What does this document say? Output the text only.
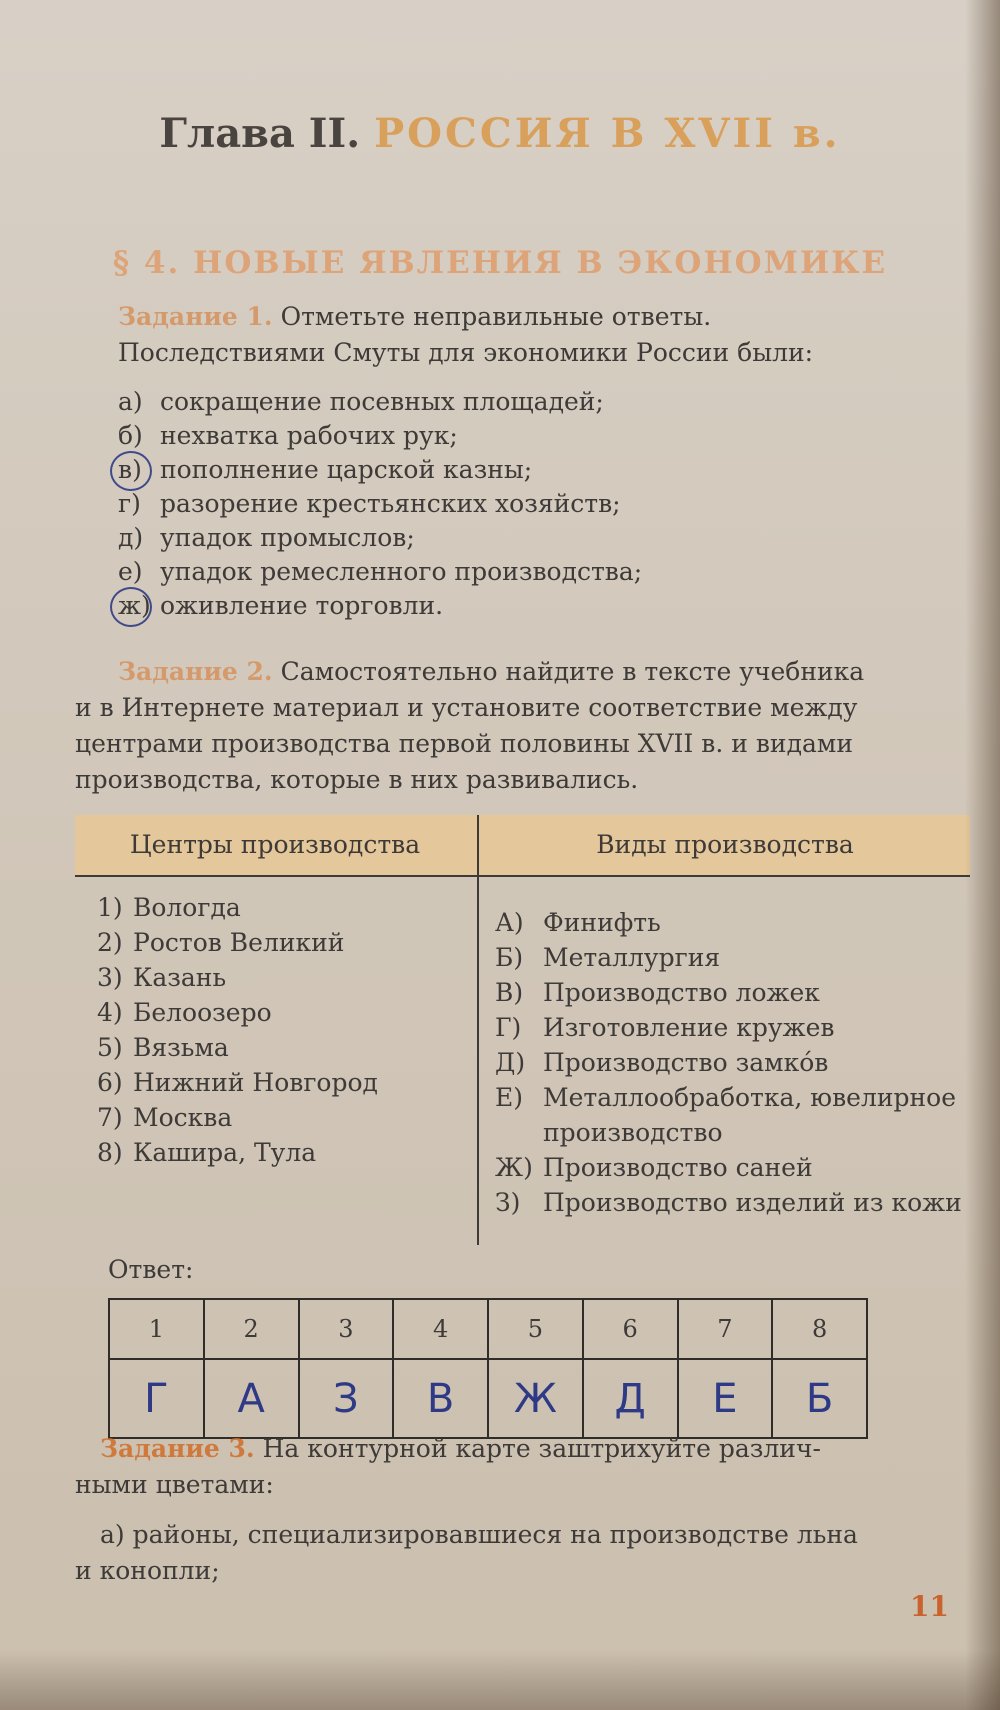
Глава II. РОССИЯ В XVII в.
§ 4. НОВЫЕ ЯВЛЕНИЯ В ЭКОНОМИКЕ
Задание 1. Отметьте неправильные ответы.
Последствиями Смуты для экономики России были:
а) сокращение посевных площадей;
б) нехватка рабочих рук;
в) пополнение царской казны;
г) разорение крестьянских хозяйств;
д) упадок промыслов;
е) упадок ремесленного производства;
ж) оживление торговли.
Задание 2. Самостоятельно найдите в тексте учебника
и в Интернете материал и установите соответствие между
центрами производства первой половины XVII в. и видами
производства, которые в них развивались.
Центры производства	Виды производства
1) Вологда
2) Ростов Великий
3) Казань
4) Белоозеро
5) Вязьма
6) Нижний Новгород
7) Москва
8) Кашира, Тула
А) Финифть
Б) Металлургия
В) Производство ложек
Г) Изготовление кружев
Д) Производство замкóв
Е) Металлообработка, ювелирное производство
Ж) Производство саней
З) Производство изделий из кожи
Ответ:
1	2	3	4	5	6	7	8
Г	А	З	В	Ж	Д	Е	Б
Задание 3. На контурной карте заштрихуйте различ-
ными цветами:
а) районы, специализировавшиеся на производстве льна
и конопли;
11
